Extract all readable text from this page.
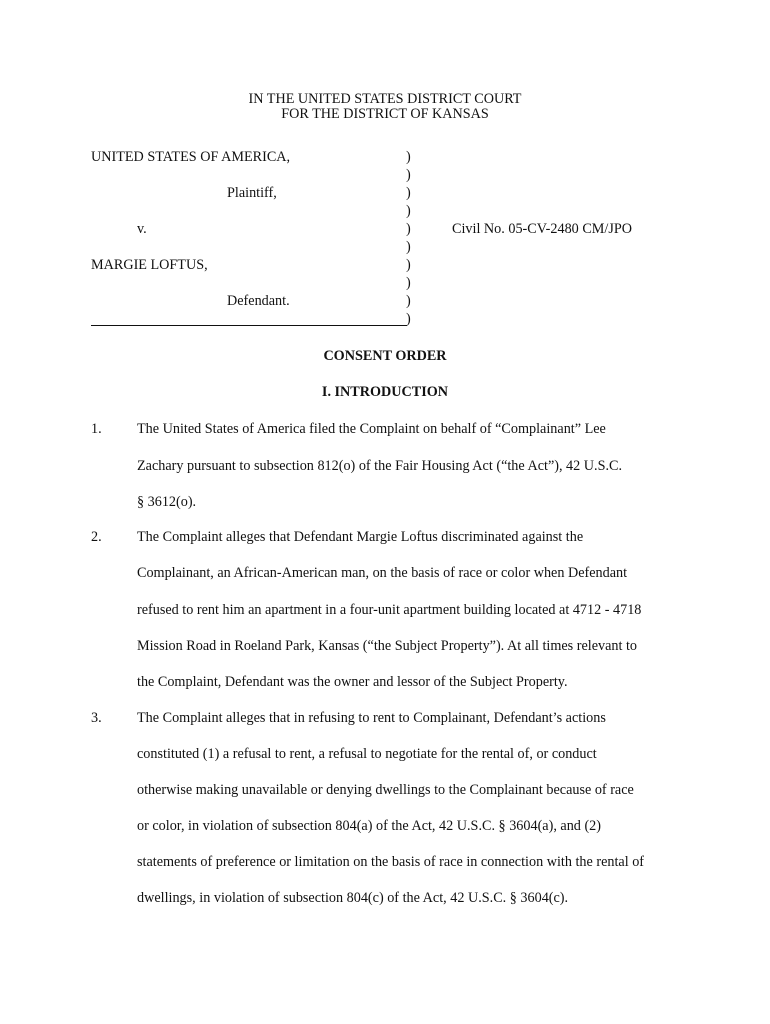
IN THE UNITED STATES DISTRICT COURT
FOR THE DISTRICT OF KANSAS
UNITED STATES OF AMERICA,
Plaintiff,
v.
MARGIE LOFTUS,
Defendant.
Civil No. 05-CV-2480 CM/JPO
)
)
)
)
)
)
)
)
)
)
CONSENT ORDER
I. INTRODUCTION
1. The United States of America filed the Complaint on behalf of “Complainant” Lee
Zachary pursuant to subsection 812(o) of the Fair Housing Act (“the Act”), 42 U.S.C.
§ 3612(o).
2. The Complaint alleges that Defendant Margie Loftus discriminated against the
Complainant, an African-American man, on the basis of race or color when Defendant
refused to rent him an apartment in a four-unit apartment building located at 4712 - 4718
Mission Road in Roeland Park, Kansas (“the Subject Property”). At all times relevant to
the Complaint, Defendant was the owner and lessor of the Subject Property.
3. The Complaint alleges that in refusing to rent to Complainant, Defendant’s actions
constituted (1) a refusal to rent, a refusal to negotiate for the rental of, or conduct
otherwise making unavailable or denying dwellings to the Complainant because of race
or color, in violation of subsection 804(a) of the Act, 42 U.S.C. § 3604(a), and (2)
statements of preference or limitation on the basis of race in connection with the rental of
dwellings, in violation of subsection 804(c) of the Act, 42 U.S.C. § 3604(c).
